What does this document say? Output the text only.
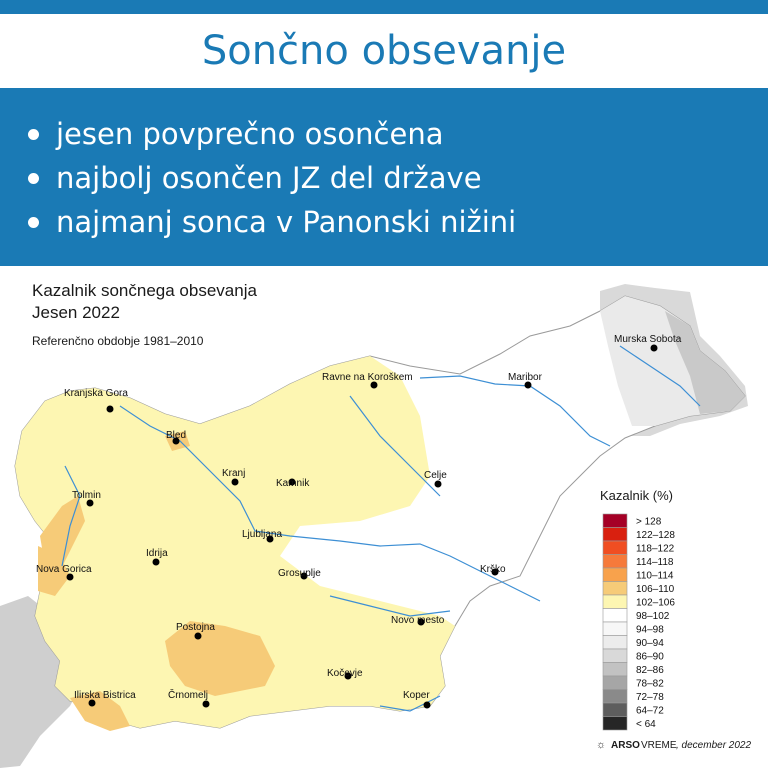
Sončno obsevanje
jesen povprečno osončena
najbolj osončen JZ del države
najmanj sonca v Panonski nižini
Kazalnik sončnega obsevanja
Jesen 2022
Referenčno obdobje 1981–2010	Murska Sobota
Ravne na Koroškem	Maribor
Kranjska Gora
Bled
Kranj
Kamnik
Celje
Tolmin
Ljubljana
Idrija
Nova Gorica	Grosuplje	Krško
Postojna
Novo mesto
Kočevje
Koper
Ilirska Bistrica	Črnomelj
Kazalnik (%)
> 128
122–128
118–122
114–118
110–114
106–110
102–106
98–102
94–98
90–94
86–90
82–86
78–82
72–78
64–72
< 64
☼ ARSO VREME , december 2022
